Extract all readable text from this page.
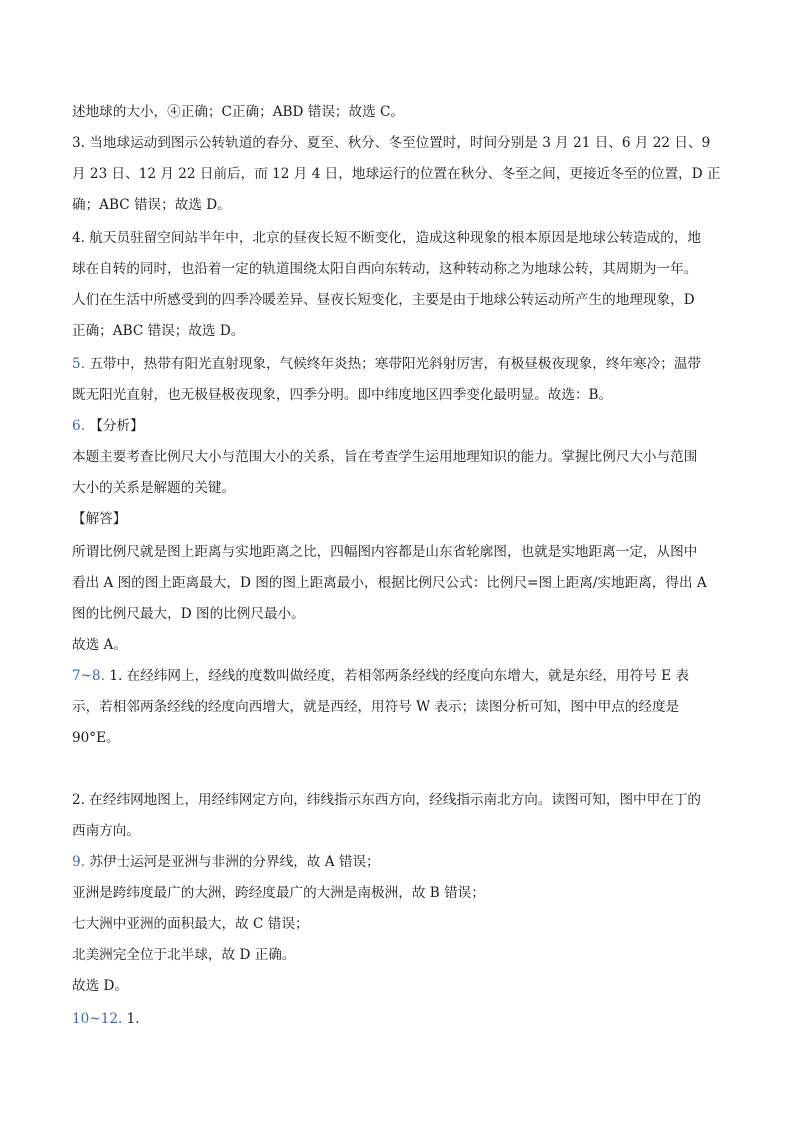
述地球的大小，④正确；C正确；ABD 错误；故选 C。
3. 当地球运动到图示公转轨道的春分、夏至、秋分、冬至位置时，时间分别是 3 月 21 日、6 月 22 日、9
月 23 日、12 月 22 日前后，而 12 月 4 日，地球运行的位置在秋分、冬至之间，更接近冬至的位置，D 正
确；ABC 错误；故选 D。
4. 航天员驻留空间站半年中，北京的昼夜长短不断变化，造成这种现象的根本原因是地球公转造成的，地
球在自转的同时，也沿着一定的轨道围绕太阳自西向东转动，这种转动称之为地球公转，其周期为一年。
人们在生活中所感受到的四季冷暖差异、昼夜长短变化，主要是由于地球公转运动所产生的地理现象，D
正确；ABC 错误；故选 D。
5. 五带中，热带有阳光直射现象，气候终年炎热；寒带阳光斜射厉害，有极昼极夜现象，终年寒冷；温带
既无阳光直射，也无极昼极夜现象，四季分明。即中纬度地区四季变化最明显。故选：B。
6. 【分析】
本题主要考查比例尺大小与范围大小的关系，旨在考查学生运用地理知识的能力。掌握比例尺大小与范围
大小的关系是解题的关键。
【解答】
所谓比例尺就是图上距离与实地距离之比，四幅图内容都是山东省轮廓图，也就是实地距离一定，从图中
看出 A 图的图上距离最大，D 图的图上距离最小，根据比例尺公式：比例尺=图上距离/实地距离，得出 A
图的比例尺最大，D 图的比例尺最小。
故选 A。
7~8. 1. 在经纬网上，经线的度数叫做经度，若相邻两条经线的经度向东增大，就是东经，用符号 E 表
示，若相邻两条经线的经度向西增大，就是西经，用符号 W 表示；读图分析可知，图中甲点的经度是
90°E。
2. 在经纬网地图上，用经纬网定方向，纬线指示东西方向，经线指示南北方向。读图可知，图中甲在丁的
西南方向。
9. 苏伊士运河是亚洲与非洲的分界线，故 A 错误；
亚洲是跨纬度最广的大洲，跨经度最广的大洲是南极洲，故 B 错误；
七大洲中亚洲的面积最大，故 C 错误；
北美洲完全位于北半球，故 D 正确。
故选 D。
10~12. 1.
